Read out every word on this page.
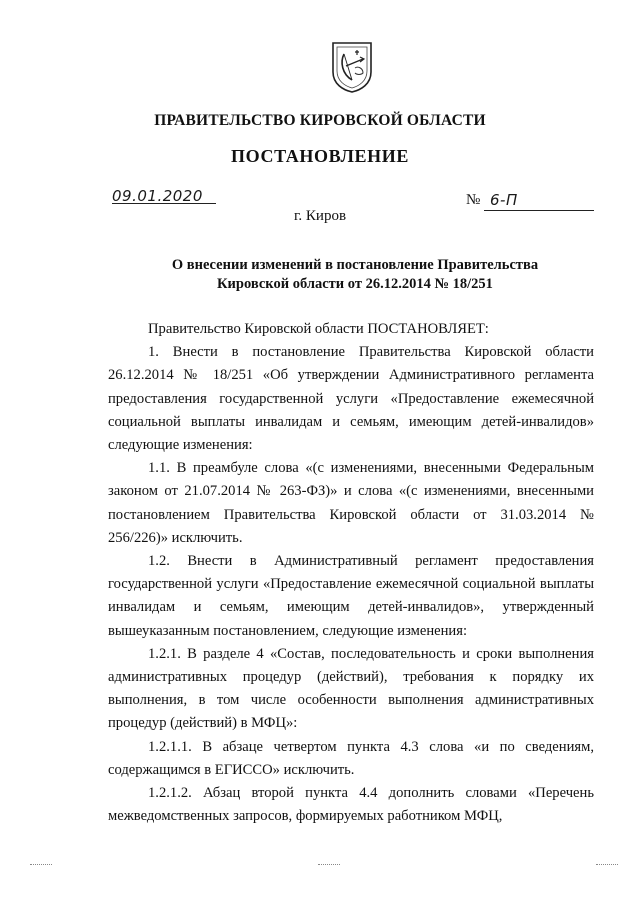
ПРАВИТЕЛЬСТВО КИРОВСКОЙ ОБЛАСТИ
ПОСТАНОВЛЕНИЕ
09.01.2020	№ 6-П
г. Киров
О внесении изменений в постановление Правительства
Кировской области от 26.12.2014 № 18/251

Правительство Кировской области ПОСТАНОВЛЯЕТ:

1. Внести в постановление Правительства Кировской области 26.12.2014 № 18/251 «Об утверждении Административного регламента предоставления государственной услуги «Предоставление ежемесячной социальной выплаты инвалидам и семьям, имеющим детей-инвалидов» следующие изменения:

1.1. В преамбуле слова «(с изменениями, внесенными Федеральным законом от 21.07.2014 № 263-ФЗ)» и слова «(с изменениями, внесенными постановлением Правительства Кировской области от 31.03.2014 № 256/226)» исключить.

1.2. Внести в Административный регламент предоставления государственной услуги «Предоставление ежемесячной социальной выплаты инвалидам и семьям, имеющим детей-инвалидов», утвержденный вышеуказанным постановлением, следующие изменения:

1.2.1. В разделе 4 «Состав, последовательность и сроки выполнения административных процедур (действий), требования к порядку их выполнения, в том числе особенности выполнения административных процедур (действий) в МФЦ»:

1.2.1.1. В абзаце четвертом пункта 4.3 слова «и по сведениям, содержащимся в ЕГИССО» исключить.

1.2.1.2. Абзац второй пункта 4.4 дополнить словами «Перечень межведомственных запросов, формируемых работником МФЦ,
